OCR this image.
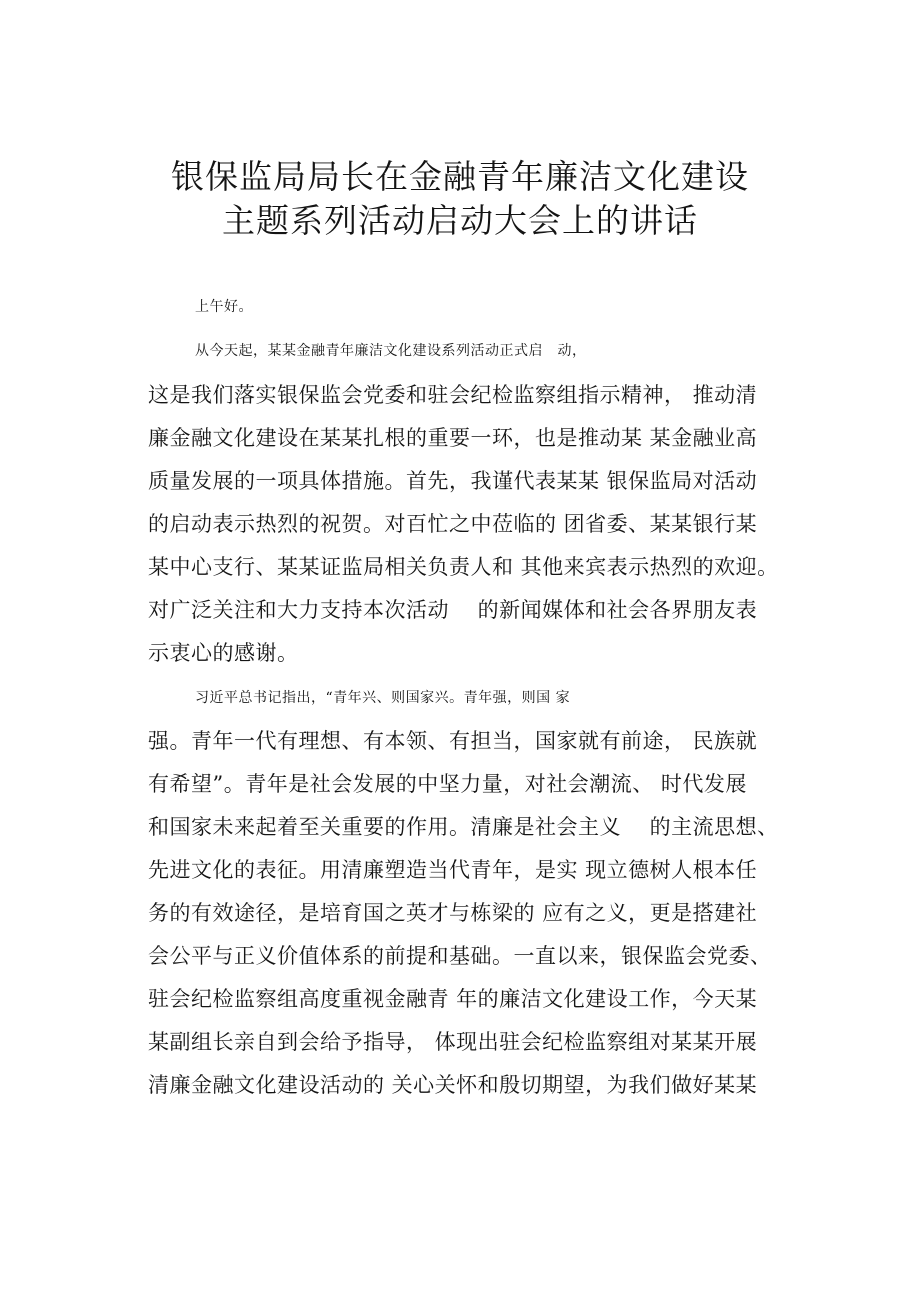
银保监局局长在金融青年廉洁文化建设
主题系列活动启动大会上的讲话
上午好。
从今天起，某某金融青年廉洁文化建设系列活动正式启　动，
这是我们落实银保监会党委和驻会纪检监察组指示精神， 推动清
廉金融文化建设在某某扎根的重要一环，也是推动某 某金融业高
质量发展的一项具体措施。首先，我谨代表某某 银保监局对活动
的启动表示热烈的祝贺。对百忙之中莅临的 团省委、某某银行某
某中心支行、某某证监局相关负责人和 其他来宾表示热烈的欢迎。
对广泛关注和大力支持本次活动　 的新闻媒体和社会各界朋友表
示衷心的感谢。
习近平总书记指出，“青年兴、则国家兴。青年强，则国 家
强。青年一代有理想、有本领、有担当，国家就有前途， 民族就
有希望”。青年是社会发展的中坚力量，对社会潮流、 时代发展
和国家未来起着至关重要的作用。清廉是社会主义　 的主流思想、
先进文化的表征。用清廉塑造当代青年，是实 现立德树人根本任
务的有效途径，是培育国之英才与栋梁的 应有之义，更是搭建社
会公平与正义价值体系的前提和基础。一直以来，银保监会党委、
驻会纪检监察组高度重视金融青 年的廉洁文化建设工作，今天某
某副组长亲自到会给予指导， 体现出驻会纪检监察组对某某开展
清廉金融文化建设活动的 关心关怀和殷切期望，为我们做好某某
